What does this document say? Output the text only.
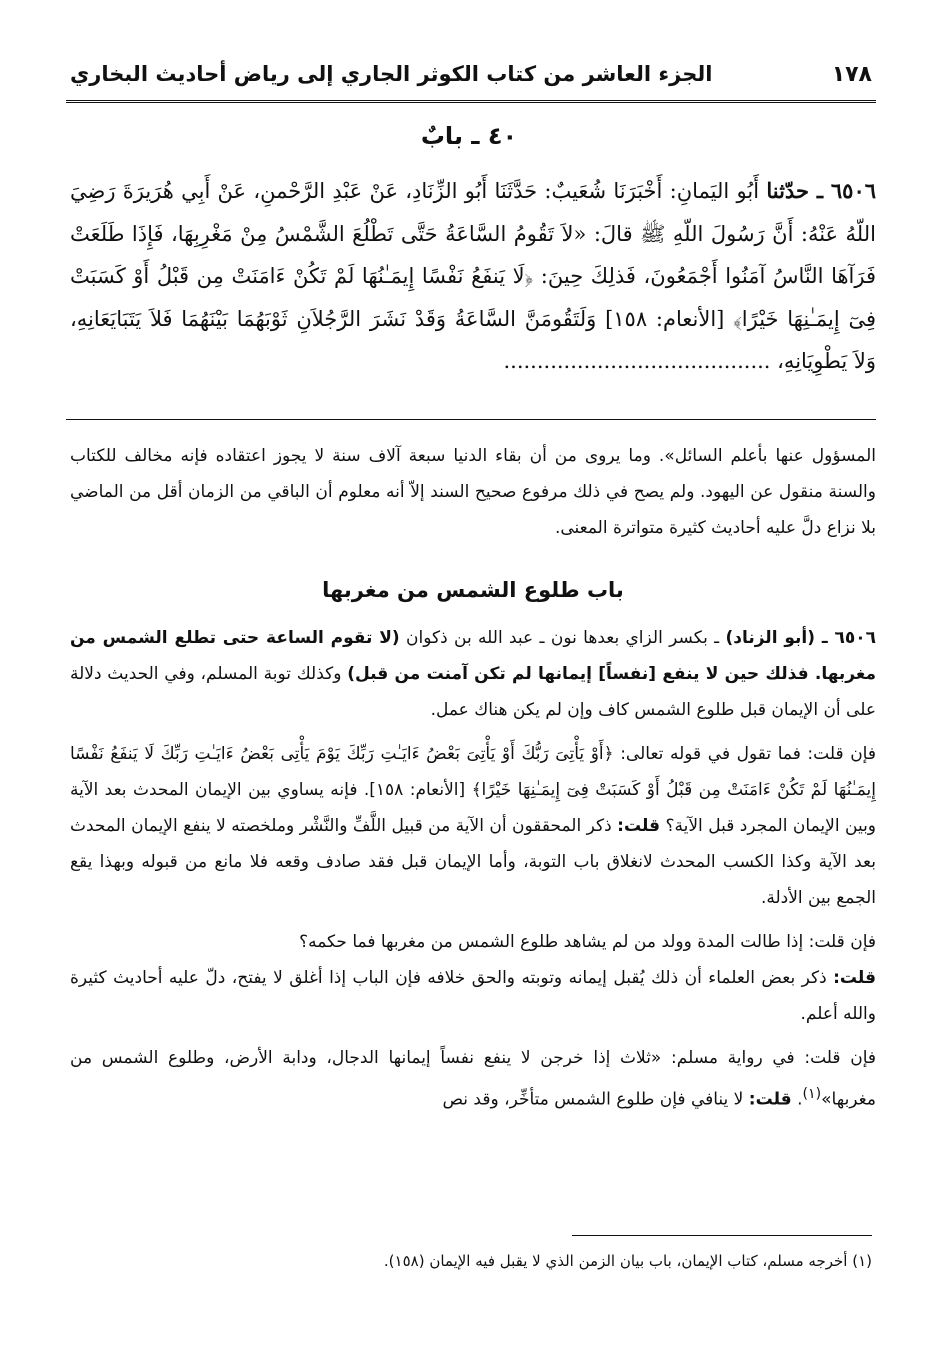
١٧٨
الجزء العاشر من كتاب الكوثر الجاري إلى رياض أحاديث البخاري
٤٠ ـ بابٌ
٦٥٠٦ ـ حدّثنا أَبُو اليَمانِ: أَخْبَرَنَا شُعَيبٌ: حَدَّثَنَا أَبُو الزِّنَادِ، عَنْ عَبْدِ الرَّحْمنِ، عَنْ أَبِي هُرَيرَةَ رَضِيَ اللّهُ عَنْهُ: أَنَّ رَسُولَ اللّهِ ﷺ قالَ: «لاَ تَقُومُ السَّاعَةُ حَتَّى تَطْلُعَ الشَّمْسُ مِنْ مَغْرِبِهَا، فَإِذَا طَلَعَتْ فَرَآهَا النَّاسُ آمَنُوا أَجْمَعُونَ، فَذلِكَ حِينَ: ﴿لَا يَنفَعُ نَفْسًا إِيمَـٰنُهَا لَمْ تَكُنْ ءَامَنَتْ مِن قَبْلُ أَوْ كَسَبَتْ فِىٓ إِيمَـٰنِهَا خَيْرًا﴾ [الأنعام: ١٥٨] وَلَتَقُومَنَّ السَّاعَةُ وَقَدْ نَشَرَ الرَّجُلاَنِ ثَوْبَهُمَا بَيْنَهُمَا فَلاَ يَتَبَايَعَانِهِ، وَلاَ يَطْوِيَانِهِ، ........................................

المسؤول عنها بأعلم السائل». وما يروى من أن بقاء الدنيا سبعة آلاف سنة لا يجوز اعتقاده فإنه مخالف للكتاب والسنة منقول عن اليهود. ولم يصح في ذلك مرفوع صحيح السند إلاّ أنه معلوم أن الباقي من الزمان أقل من الماضي بلا نزاع دلَّ عليه أحاديث كثيرة متواترة المعنى.

باب طلوع الشمس من مغربها

٦٥٠٦ ـ (أبو الزناد) ـ بكسر الزاي بعدها نون ـ عبد الله بن ذكوان (لا تقوم الساعة حتى تطلع الشمس من مغربها. فذلك حين لا ينفع [نفساً] إيمانها لم تكن آمنت من قبل) وكذلك توبة المسلم، وفي الحديث دلالة على أن الإيمان قبل طلوع الشمس كاف وإن لم يكن هناك عمل.

فإن قلت: فما تقول في قوله تعالى: ﴿أَوْ يَأْتِىَ رَبُّكَ أَوْ يَأْتِىَ بَعْضُ ءَايَـٰتِ رَبِّكَ يَوْمَ يَأْتِى بَعْضُ ءَايَـٰتِ رَبِّكَ لَا يَنفَعُ نَفْسًا إِيمَـٰنُهَا لَمْ تَكُنْ ءَامَنَتْ مِن قَبْلُ أَوْ كَسَبَتْ فِىٓ إِيمَـٰنِهَا خَيْرًا﴾ [الأنعام: ١٥٨]. فإنه يساوي بين الإيمان المحدث بعد الآية وبين الإيمان المجرد قبل الآية؟ قلت: ذكر المحققون أن الآية من قبيل اللَّفِّ والنَّشْر وملخصته لا ينفع الإيمان المحدث بعد الآية وكذا الكسب المحدث لانغلاق باب التوبة، وأما الإيمان قبل فقد صادف وقعه فلا مانع من قبوله وبهذا يقع الجمع بين الأدلة.

فإن قلت: إذا طالت المدة وولد من لم يشاهد طلوع الشمس من مغربها فما حكمه؟

قلت: ذكر بعض العلماء أن ذلك يُقبل إيمانه وتوبته والحق خلافه فإن الباب إذا أغلق لا يفتح، دلّ عليه أحاديث كثيرة والله أعلم.

فإن قلت: في رواية مسلم: «ثلاث إذا خرجن لا ينفع نفساً إيمانها الدجال، ودابة الأرض، وطلوع الشمس من مغربها»$^{(١)}$. قلت: لا ينافي فإن طلوع الشمس متأخِّر، وقد نص

(١) أخرجه مسلم، كتاب الإيمان، باب بيان الزمن الذي لا يقبل فيه الإيمان (١٥٨).
